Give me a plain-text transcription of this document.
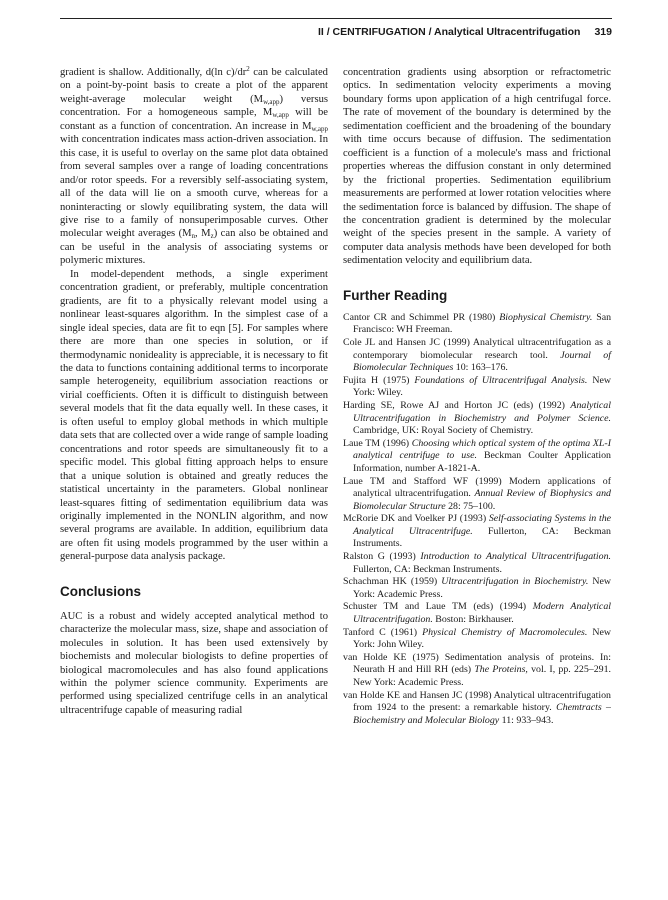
II / CENTRIFUGATION / Analytical Ultracentrifugation 319

gradient is shallow. Additionally, d(ln $c)/dr^2$ can be calculated on a point-by-point basis to create a plot of the apparent weight-average molecular weight $(M_{w,app})$ versus concentration. For a homogeneous sample, $M_{w,app}$ will be constant as a function of concentration. An increase in $M_{w,app}$ with concentration indicates mass action-driven association. In this case, it is useful to overlay on the same plot data obtained from several samples over a range of loading concentrations and/or rotor speeds. For a reversibly self-associating system, all of the data will lie on a smooth curve, whereas for a noninteracting or slowly equilibrating system, the data will give rise to a family of nonsuperimposable curves. Other molecular weight averages ($M_n$, $M_z$) can also be obtained and can be useful in the analysis of associating systems or polymeric mixtures.

In model-dependent methods, a single experiment concentration gradient, or preferably, multiple concentration gradients, are fit to a physically relevant model using a nonlinear least-squares algorithm. In the simplest case of a single ideal species, data are fit to eqn [5]. For samples where there are more than one species in solution, or if thermodynamic nonideality is appreciable, it is necessary to fit the data to functions containing additional terms to incorporate sample heterogeneity, equilibrium association reactions or virial coefficients. Often it is difficult to distinguish between several models that fit the data equally well. In these cases, it is often useful to employ global methods in which multiple data sets that are collected over a wide range of sample loading concentrations and rotor speeds are simultaneously fit to a specific model. This global fitting approach helps to ensure that a unique solution is obtained and greatly reduces the statistical uncertainty in the parameters. Global nonlinear least-squares fitting of sedimentation equilibrium data was originally implemented in the NONLIN algorithm, and now several programs are available. In addition, equilibrium data are often fit using models programmed by the user within a general-purpose data analysis package.

Conclusions

AUC is a robust and widely accepted analytical method to characterize the molecular mass, size, shape and association of molecules in solution. It has been used extensively by biochemists and molecular biologists to define properties of biological macromolecules and has also found applications within the polymer science community. Experiments are performed using specialized centrifuge cells in an analytical ultracentrifuge capable of measuring radial

concentration gradients using absorption or refractometric optics. In sedimentation velocity experiments a moving boundary forms upon application of a high centrifugal force. The rate of movement of the boundary is determined by the sedimentation coefficient and the broadening of the boundary with time occurs because of diffusion. The sedimentation coefficient is a function of a molecule's mass and frictional properties whereas the diffusion constant in only determined by the frictional properties. Sedimentation equilibrium measurements are performed at lower rotation velocities where the sedimentation force is balanced by diffusion. The shape of the concentration gradient is determined by the molecular weight of the species present in the sample. A variety of computer data analysis methods have been developed for both sedimentation velocity and equilibrium data.

Further Reading

Cantor CR and Schimmel PR (1980) Biophysical Chemistry. San Francisco: WH Freeman.

Cole JL and Hansen JC (1999) Analytical ultracentrifugation as a contemporary biomolecular research tool. Journal of Biomolecular Techniques 10: 163–176.

Fujita H (1975) Foundations of Ultracentrifugal Analysis. New York: Wiley.

Harding SE, Rowe AJ and Horton JC (eds) (1992) Analytical Ultracentrifugation in Biochemistry and Polymer Science. Cambridge, UK: Royal Society of Chemistry.

Laue TM (1996) Choosing which optical system of the optima XL-I analytical centrifuge to use. Beckman Coulter Application Information, number A-1821-A.

Laue TM and Stafford WF (1999) Modern applications of analytical ultracentrifugation. Annual Review of Biophysics and Biomolecular Structure 28: 75–100.

McRorie DK and Voelker PJ (1993) Self-associating Systems in the Analytical Ultracentrifuge. Fullerton, CA: Beckman Instruments.

Ralston G (1993) Introduction to Analytical Ultracentrifugation. Fullerton, CA: Beckman Instruments.

Schachman HK (1959) Ultracentrifugation in Biochemistry. New York: Academic Press.

Schuster TM and Laue TM (eds) (1994) Modern Analytical Ultracentrifugation. Boston: Birkhauser.

Tanford C (1961) Physical Chemistry of Macromolecules. New York: John Wiley.

van Holde KE (1975) Sedimentation analysis of proteins. In: Neurath H and Hill RH (eds) The Proteins, vol. I, pp. 225–291. New York: Academic Press.

van Holde KE and Hansen JC (1998) Analytical ultracentrifugation from 1924 to the present: a remarkable history. Chemtracts – Biochemistry and Molecular Biology 11: 933–943.
